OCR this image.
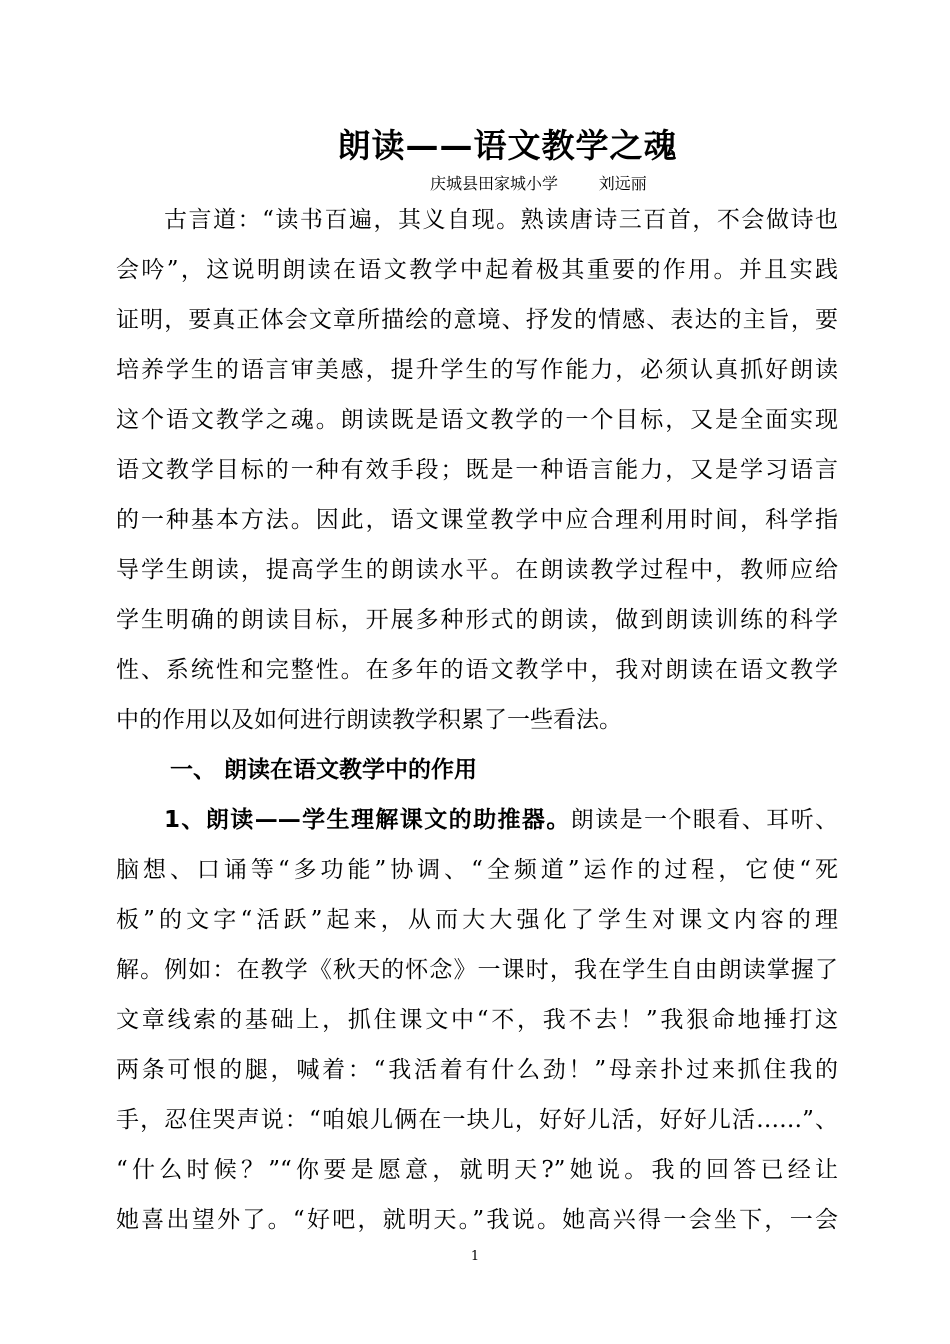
朗读——语文教学之魂
庆城县田家城小学        刘远丽
古言道：“读书百遍，其义自现。熟读唐诗三百首，不会做诗也
会吟”，这说明朗读在语文教学中起着极其重要的作用。并且实践
证明，要真正体会文章所描绘的意境、抒发的情感、表达的主旨，要
培养学生的语言审美感，提升学生的写作能力，必须认真抓好朗读
这个语文教学之魂。朗读既是语文教学的一个目标，又是全面实现
语文教学目标的一种有效手段；既是一种语言能力，又是学习语言
的一种基本方法。因此，语文课堂教学中应合理利用时间，科学指
导学生朗读，提高学生的朗读水平。在朗读教学过程中，教师应给
学生明确的朗读目标，开展多种形式的朗读，做到朗读训练的科学
性、系统性和完整性。在多年的语文教学中，我对朗读在语文教学
中的作用以及如何进行朗读教学积累了一些看法。
一、 朗读在语文教学中的作用
1、朗读——学生理解课文的助推器。朗读是一个眼看、耳听、
脑想、口诵等“多功能”协调、“全频道”运作的过程，它使“死
板”的文字“活跃”起来，从而大大强化了学生对课文内容的理
解。例如：在教学《秋天的怀念》一课时，我在学生自由朗读掌握了
文章线索的基础上，抓住课文中“不，我不去！”我狠命地捶打这
两条可恨的腿，喊着：“我活着有什么劲！”母亲扑过来抓住我的
手，忍住哭声说：“咱娘儿俩在一块儿，好好儿活，好好儿活……”、
“什么时候？”“你要是愿意，就明天?”她说。我的回答已经让
她喜出望外了。“好吧，就明天。”我说。她高兴得一会坐下，一会
1
